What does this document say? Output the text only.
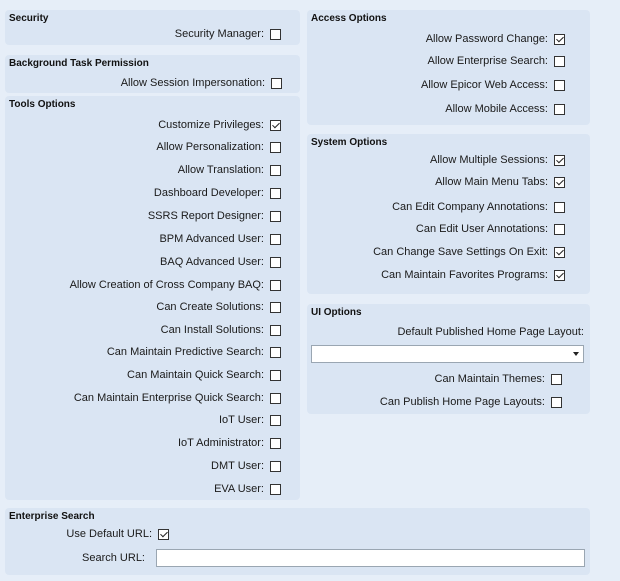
Security
Background Task Permission
Tools Options
Access Options
System Options
UI Options
Default Published Home Page Layout:
Enterprise Search
Use Default URL:
Search URL:
Security Manager:
Allow Session Impersonation:
Customize Privileges:
Allow Personalization:
Allow Translation:
Dashboard Developer:
SSRS Report Designer:
BPM Advanced User:
BAQ Advanced User:
Allow Creation of Cross Company BAQ:
Can Create Solutions:
Can Install Solutions:
Can Maintain Predictive Search:
Can Maintain Quick Search:
Can Maintain Enterprise Quick Search:
IoT User:
IoT Administrator:
DMT User:
EVA User:
Allow Password Change:
Allow Enterprise Search:
Allow Epicor Web Access:
Allow Mobile Access:
Allow Multiple Sessions:
Allow Main Menu Tabs:
Can Edit Company Annotations:
Can Edit User Annotations:
Can Change Save Settings On Exit:
Can Maintain Favorites Programs:
Can Maintain Themes:
Can Publish Home Page Layouts:
